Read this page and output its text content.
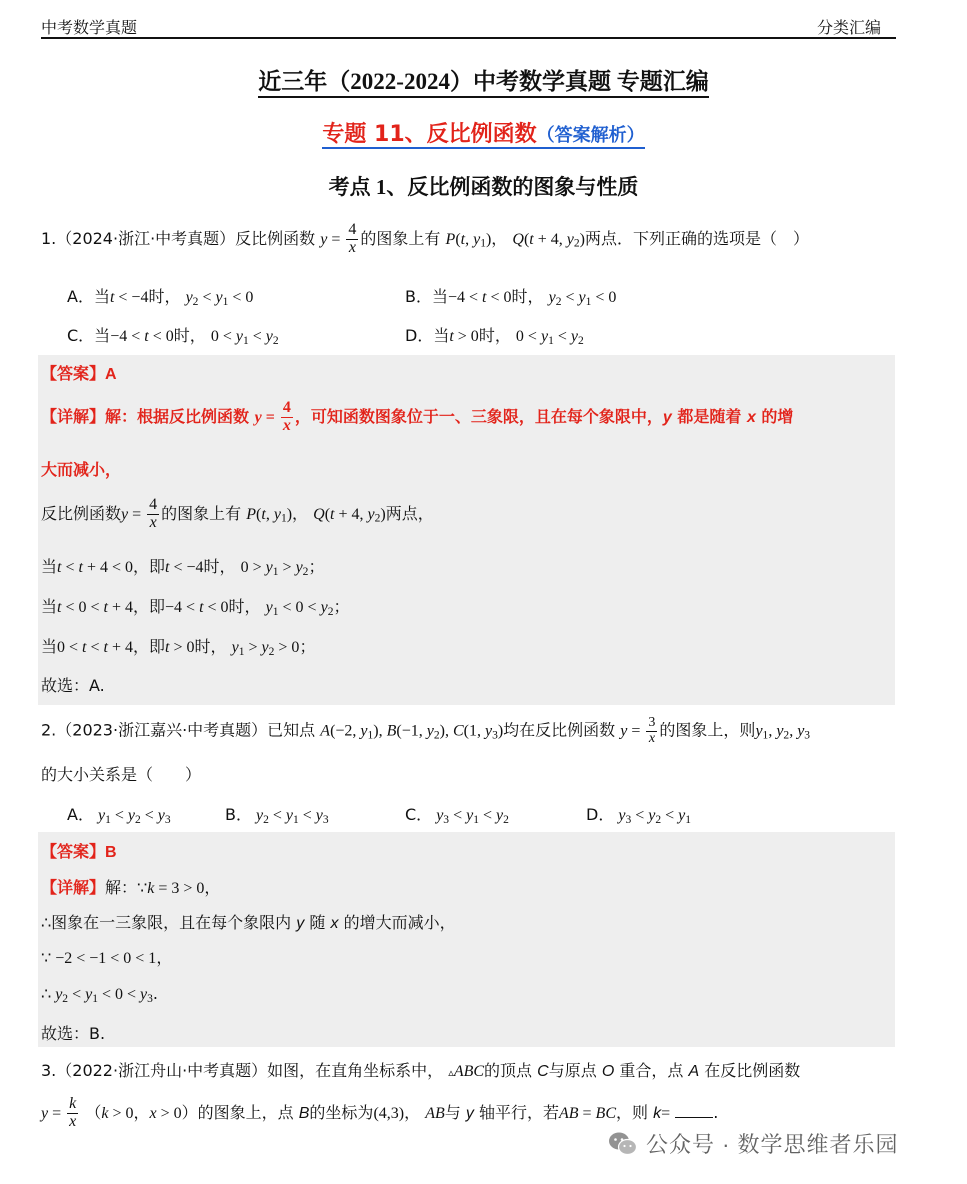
中考数学真题	分类汇编
近三年（2022-2024）中考数学真题 专题汇编
专题 11、反比例函数（答案解析）
考点 1、反比例函数的图象与性质
1.（2024·浙江·中考真题）反比例函数 $y = \frac{4}{x}$ 的图象上有 P(t, $y_1$)， Q(t + 4, $y_2$)两点．下列正确的选项是（　）
A．当t < −4时， $y_2 < y_1 < 0$	B．当−4 < t < 0时， $y_2 < y_1 < 0$
C．当−4 < t < 0时， $0 < y_1 < y_2$	D．当t > 0时， $0 < y_1 < y_2$
【答案】A
【详解】解：根据反比例函数 $y = \frac{4}{x}$ ，可知函数图象位于一、三象限，且在每个象限中，y 都是随着 x 的增
大而减小，
反比例函数$y = \frac{4}{x}$ 的图象上有 P(t, $y_1$)， Q(t + 4, $y_2$)两点，
当t < t + 4 < 0，即t < −4时， $0 > y_1 > y_2$；
当t < 0 < t + 4，即−4 < t < 0时， $y_1 < 0 < y_2$；
当0 < t < t + 4，即t > 0时， $y_1 > y_2 > 0$；
故选：A.
2.（2023·浙江嘉兴·中考真题）已知点 A(−2, $y_1$), B(−1, $y_2$), C(1, $y_3$)均在反比例函数 $y = \frac{3}{x}$ 的图象上，则$y_1$, $y_2$, $y_3$
的大小关系是（　　）
A． $y_1 < y_2 < y_3$	B． $y_2 < y_1 < y_3$	C． $y_3 < y_1 < y_2$	D． $y_3 < y_2 < y_1$
【答案】B
【详解】解：∵k = 3 > 0，
∴图象在一三象限，且在每个象限内 y 随 x 的增大而减小，
∵ −2 < −1 < 0 < 1，
∴ $y_2 < y_1 < 0 < y_3$.
故选：B.
3.（2022·浙江舟山·中考真题）如图，在直角坐标系中， ▵ABC的顶点 C与原点 O 重合，点 A 在反比例函数
$y = \frac{k}{x} (k > 0$，x > 0）的图象上，点 B的坐标为(4,3)， AB与 y 轴平行，若AB = BC，则 k=	.
公众号 · 数学思维者乐园
